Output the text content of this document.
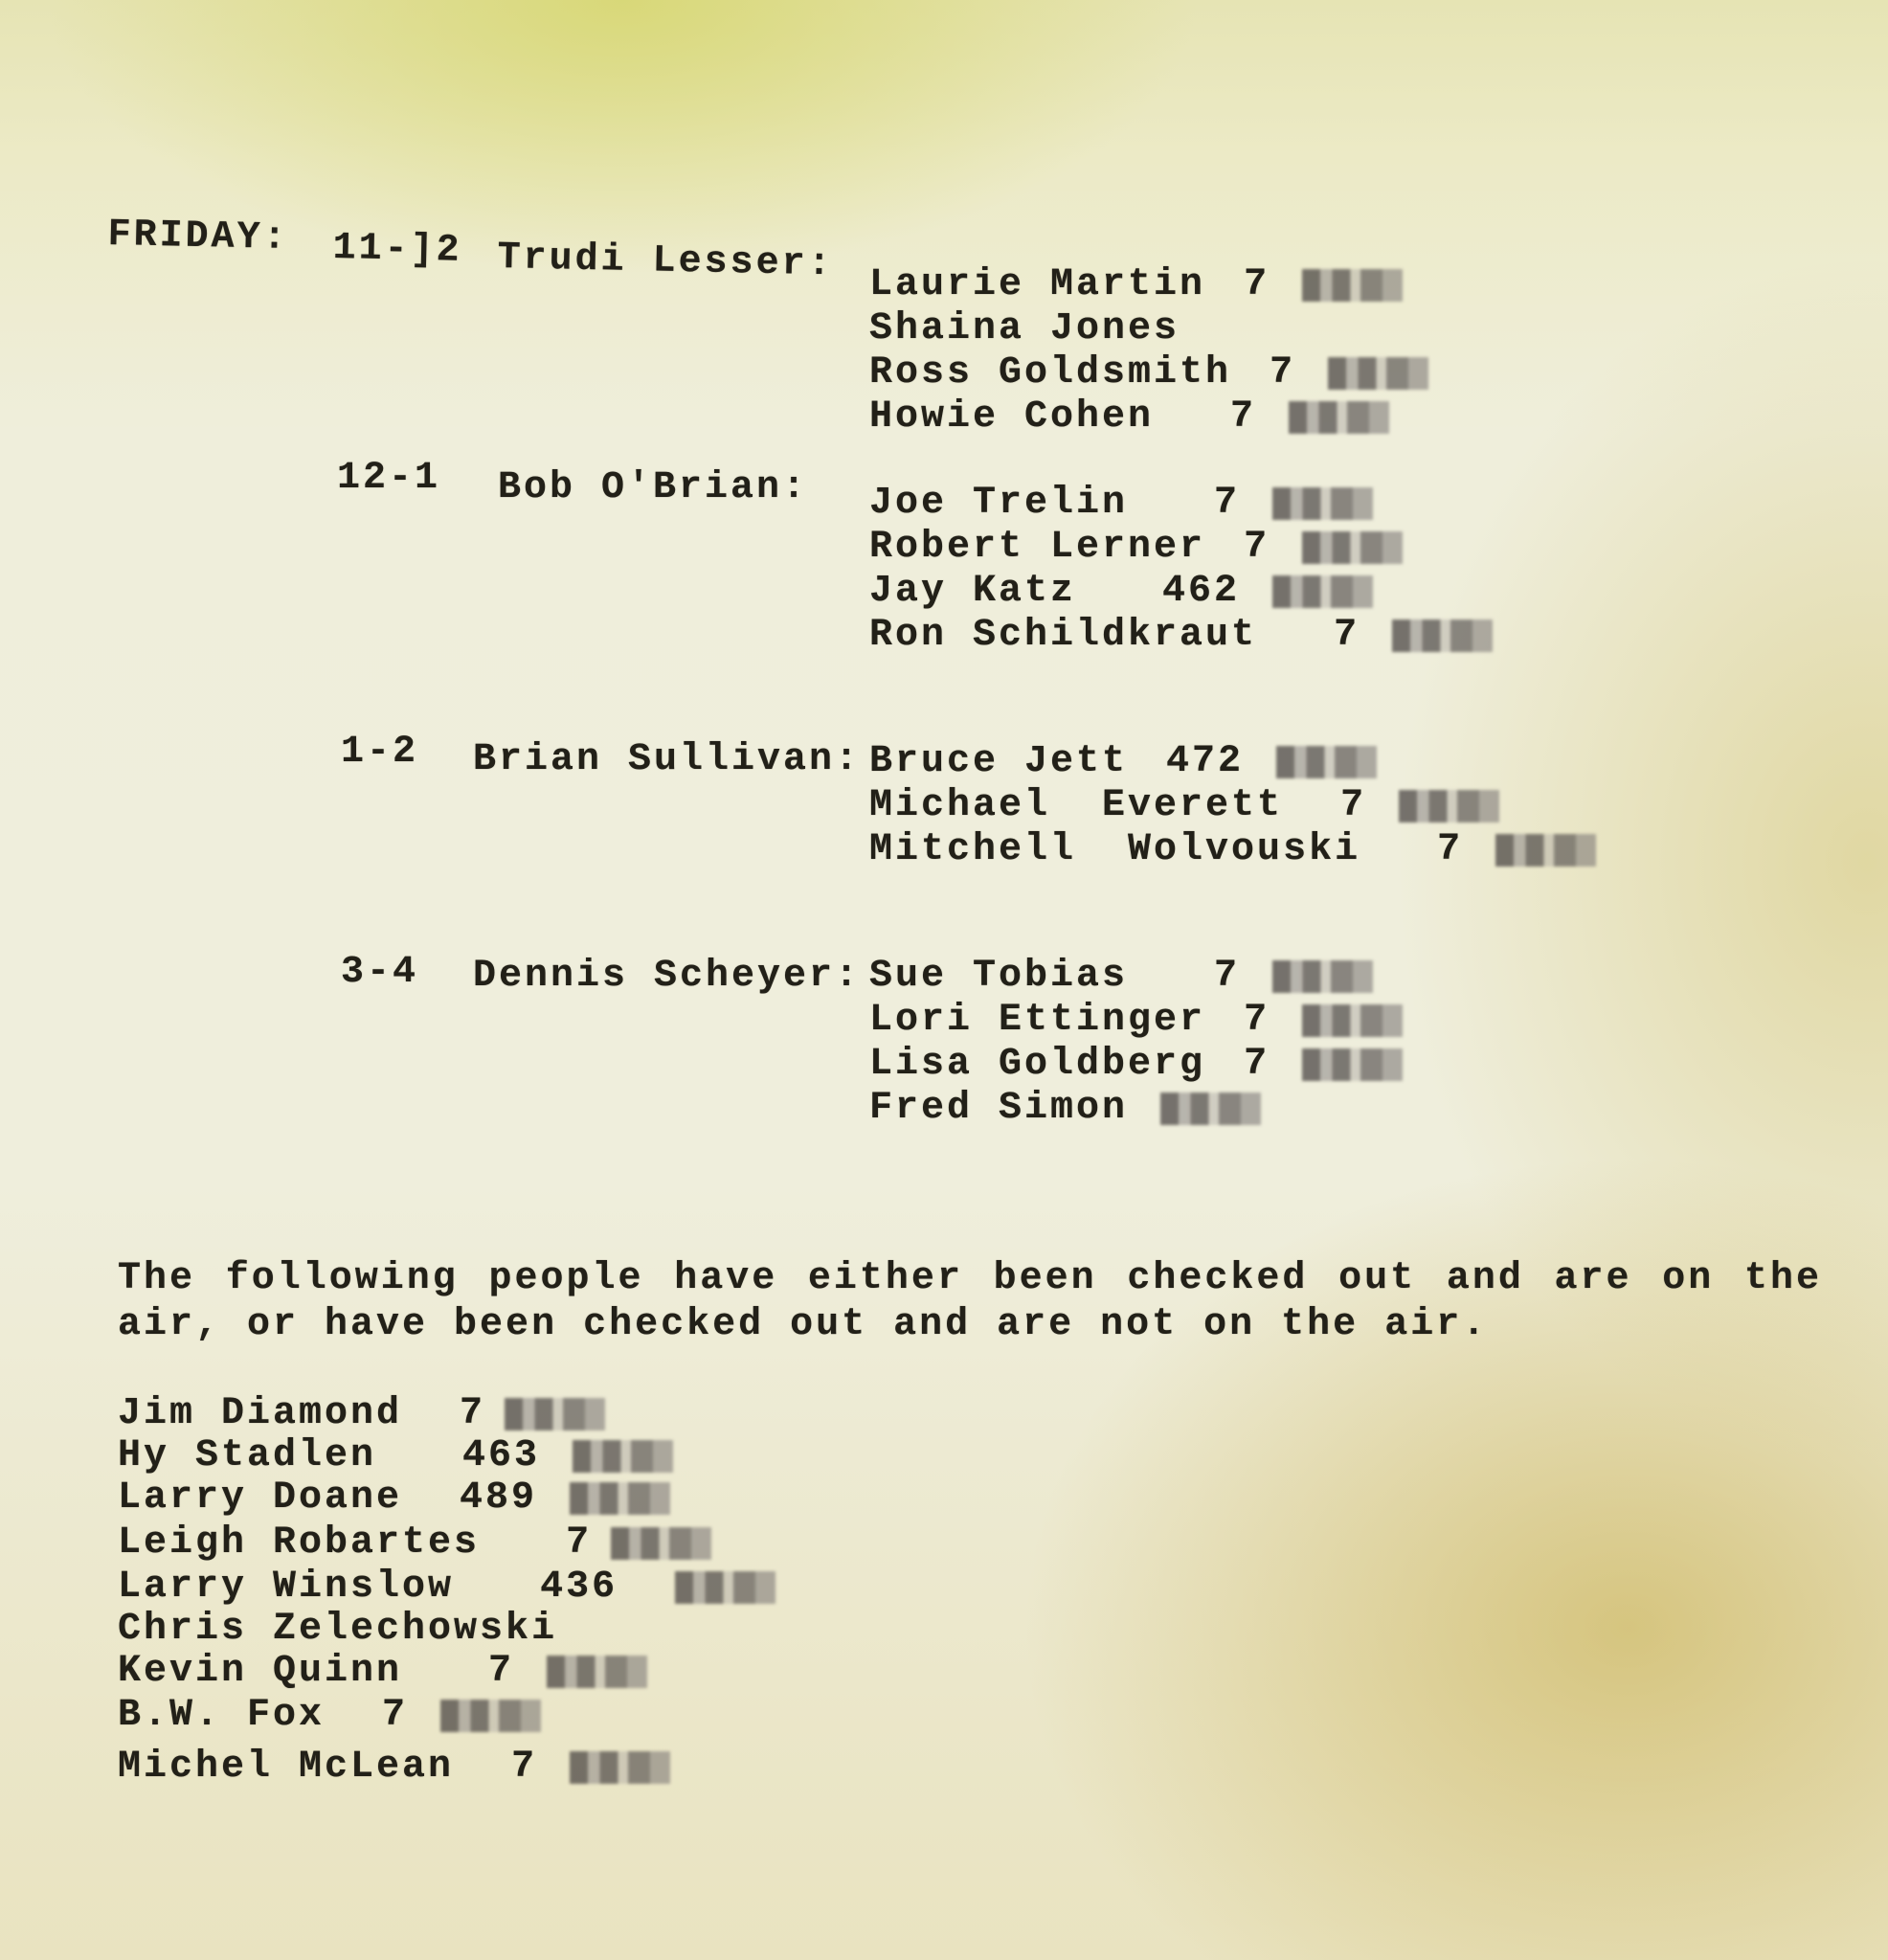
FRIDAY: 11-]2 Trudi Lesser: Laurie Martin 7
Shaina Jones
Ross Goldsmith 7
Howie Cohen 7
12-1 Bob O'Brian: Joe Trelin 7
Robert Lerner 7
Jay Katz 462
Ron Schildkraut 7
1-2 Brian Sullivan: Bruce Jett 472
Michael  Everett 7
Mitchell  Wolvouski 7
3-4 Dennis Scheyer: Sue Tobias 7
Lori Ettinger 7
Lisa Goldberg 7
Fred Simon
The following people have either been checked out and are on the air, or have been checked out and are not on the air.
Jim Diamond 7
Hy Stadlen 463
Larry Doane 489
Leigh Robartes 7
Larry Winslow 436
Chris Zelechowski
Kevin Quinn 7
B.W. Fox 7
Michel McLean 7
